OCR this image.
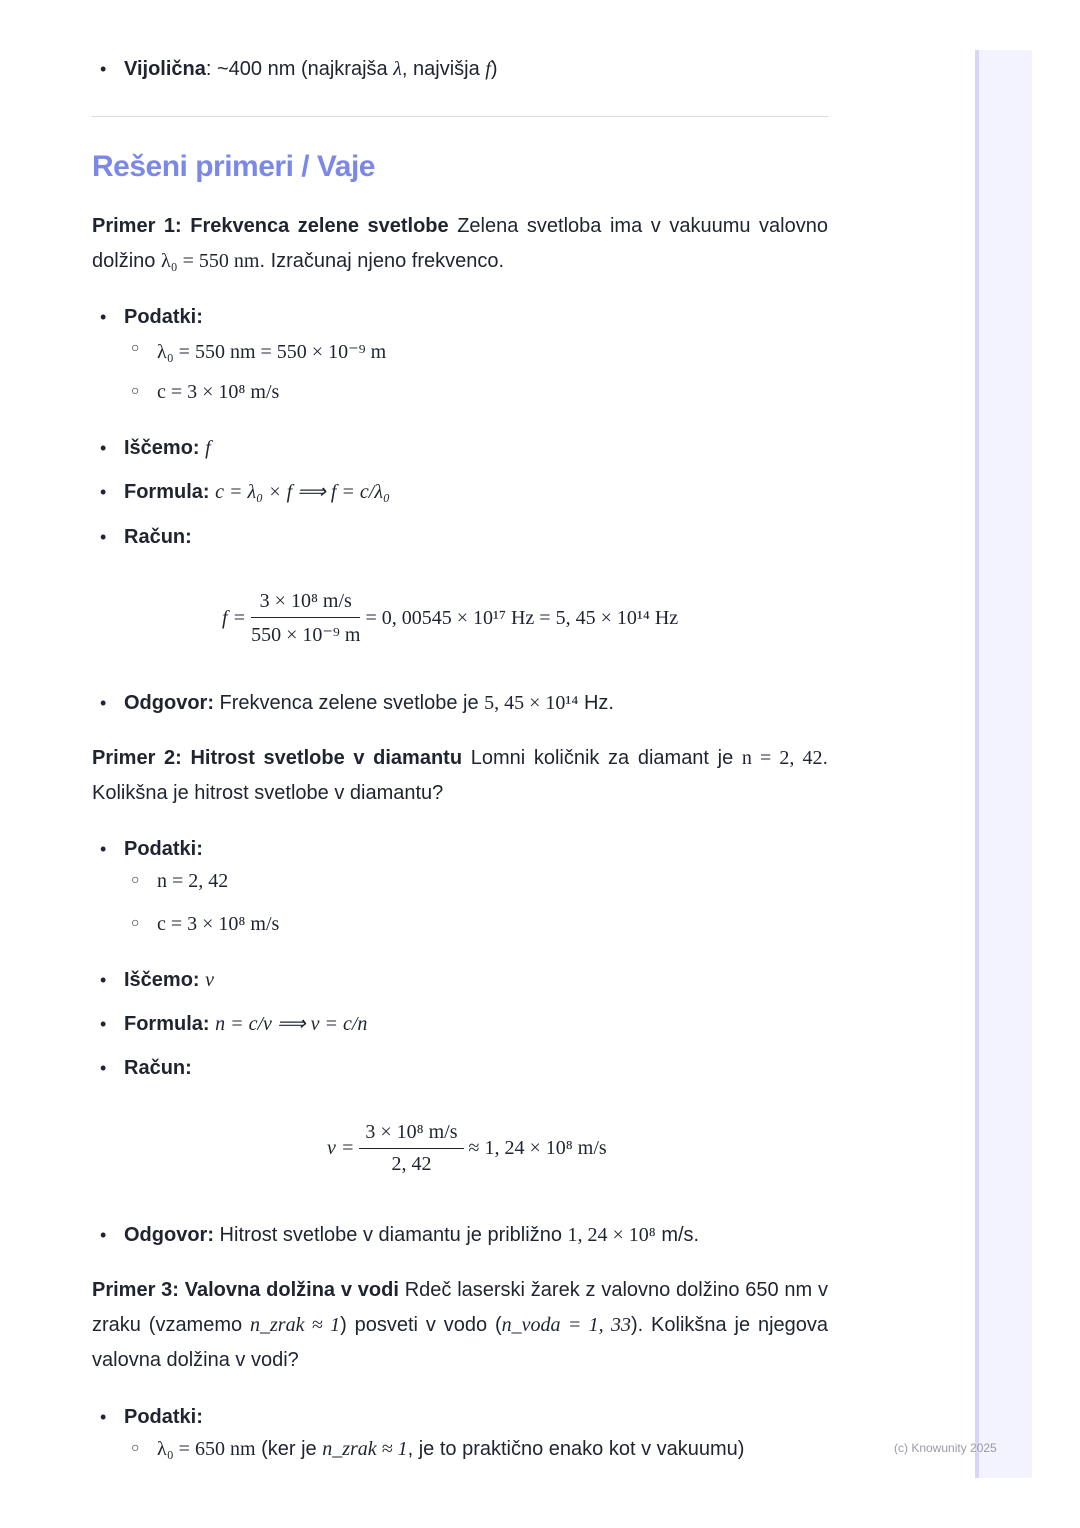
• Vijolična: ~400 nm (najkrajša λ, najvišja f)
Rešeni primeri / Vaje
Primer 1: Frekvenca zelene svetlobe Zelena svetloba ima v vakuumu valovno dolžino λ₀ = 550 nm. Izračunaj njeno frekvenco.
• Podatki:
○ λ₀ = 550 nm = 550 × 10⁻⁹ m
○ c = 3 × 10⁸ m/s
• Iščemo: f
• Formula: c = λ₀ × f ⟹ f = c/λ₀
• Račun:
$f = \frac{\text{3 × 10⁸ m/s}}{\text{550 × 10⁻⁹ m}} = 0$, 00545 × 10¹⁷ Hz = 5, 45 × 10¹⁴ Hz
• Odgovor: Frekvenca zelene svetlobe je 5, 45 × 10¹⁴ Hz.
Primer 2: Hitrost svetlobe v diamantu Lomni količnik za diamant je n = 2, 42. Kolikšna je hitrost svetlobe v diamantu?
• Podatki:
○ n = 2, 42
○ c = 3 × 10⁸ m/s
• Iščemo: v
• Formula: n = c/v ⟹ v = c/n
• Račun:
$v = \frac{\text{3 × 10⁸ m/s}}{2, 42} \approx 1$, 24 × 10⁸ m/s
• Odgovor: Hitrost svetlobe v diamantu je približno 1, 24 × 10⁸ m/s.
Primer 3: Valovna dolžina v vodi Rdeč laserski žarek z valovno dolžino 650 nm v zraku (vzamemo n_zrak ≈ 1) posveti v vodo (n_voda = 1, 33). Kolikšna je njegova valovna dolžina v vodi?
• Podatki:
○ λ₀ = 650 nm (ker je n_zrak ≈ 1, je to praktično enako kot v vakuumu)	(c) Knowunity 2025
